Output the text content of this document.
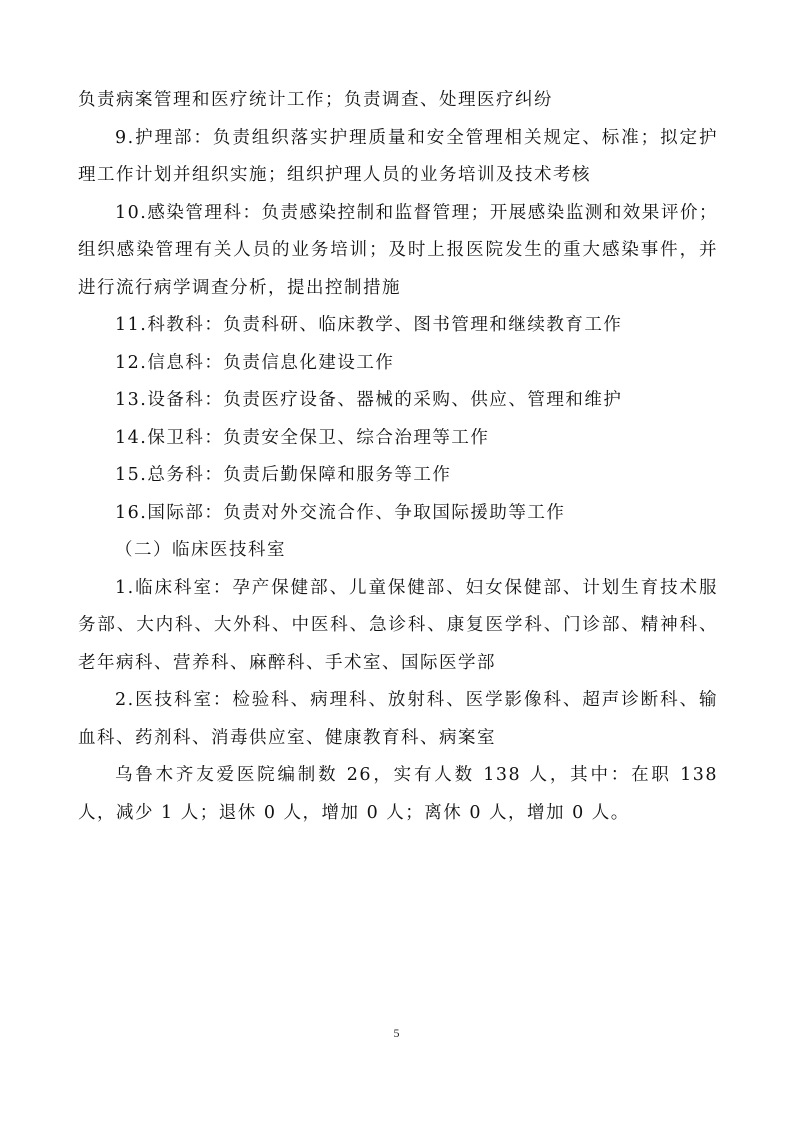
负责病案管理和医疗统计工作；负责调查、处理医疗纠纷

9.护理部：负责组织落实护理质量和安全管理相关规定、标准；拟定护理工作计划并组织实施；组织护理人员的业务培训及技术考核

10.感染管理科：负责感染控制和监督管理；开展感染监测和效果评价；组织感染管理有关人员的业务培训；及时上报医院发生的重大感染事件，并进行流行病学调查分析，提出控制措施

11.科教科：负责科研、临床教学、图书管理和继续教育工作

12.信息科：负责信息化建设工作

13.设备科：负责医疗设备、器械的采购、供应、管理和维护

14.保卫科：负责安全保卫、综合治理等工作

15.总务科：负责后勤保障和服务等工作

16.国际部：负责对外交流合作、争取国际援助等工作

（二）临床医技科室

1.临床科室：孕产保健部、儿童保健部、妇女保健部、计划生育技术服务部、大内科、大外科、中医科、急诊科、康复医学科、门诊部、精神科、老年病科、营养科、麻醉科、手术室、国际医学部

2.医技科室：检验科、病理科、放射科、医学影像科、超声诊断科、输血科、药剂科、消毒供应室、健康教育科、病案室

乌鲁木齐友爱医院编制数 26，实有人数 138 人，其中：在职 138 人，减少 1 人；退休 0 人，增加 0 人；离休 0 人，增加 0 人。

5
